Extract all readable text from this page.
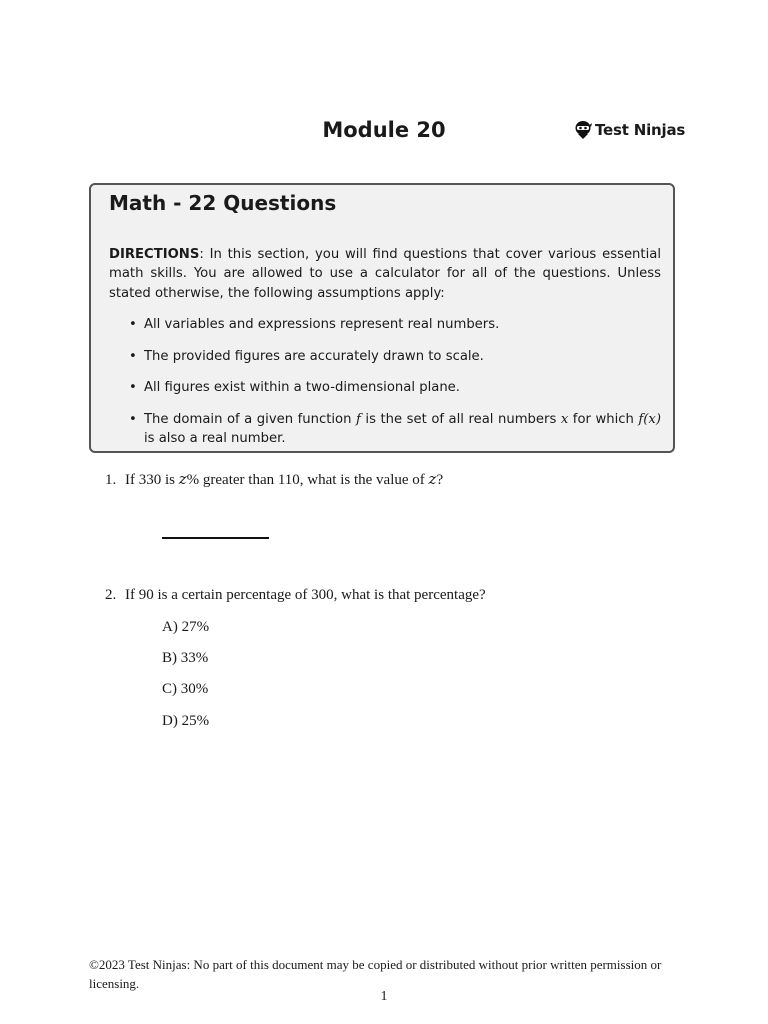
Module 20	Test Ninjas
Math - 22 Questions
DIRECTIONS: In this section, you will find questions that cover various essential math skills. You are allowed to use a calculator for all of the questions. Unless stated otherwise, the following assumptions apply:
• All variables and expressions represent real numbers.
• The provided figures are accurately drawn to scale.
• All figures exist within a two-dimensional plane.
• The domain of a given function f is the set of all real numbers x for which f(x) is also a real number.
1. If 330 is z% greater than 110, what is the value of z?
2. If 90 is a certain percentage of 300, what is that percentage?
A) 27%
B) 33%
C) 30%
D) 25%
©2023 Test Ninjas: No part of this document may be copied or distributed without prior written permission or licensing.
1
